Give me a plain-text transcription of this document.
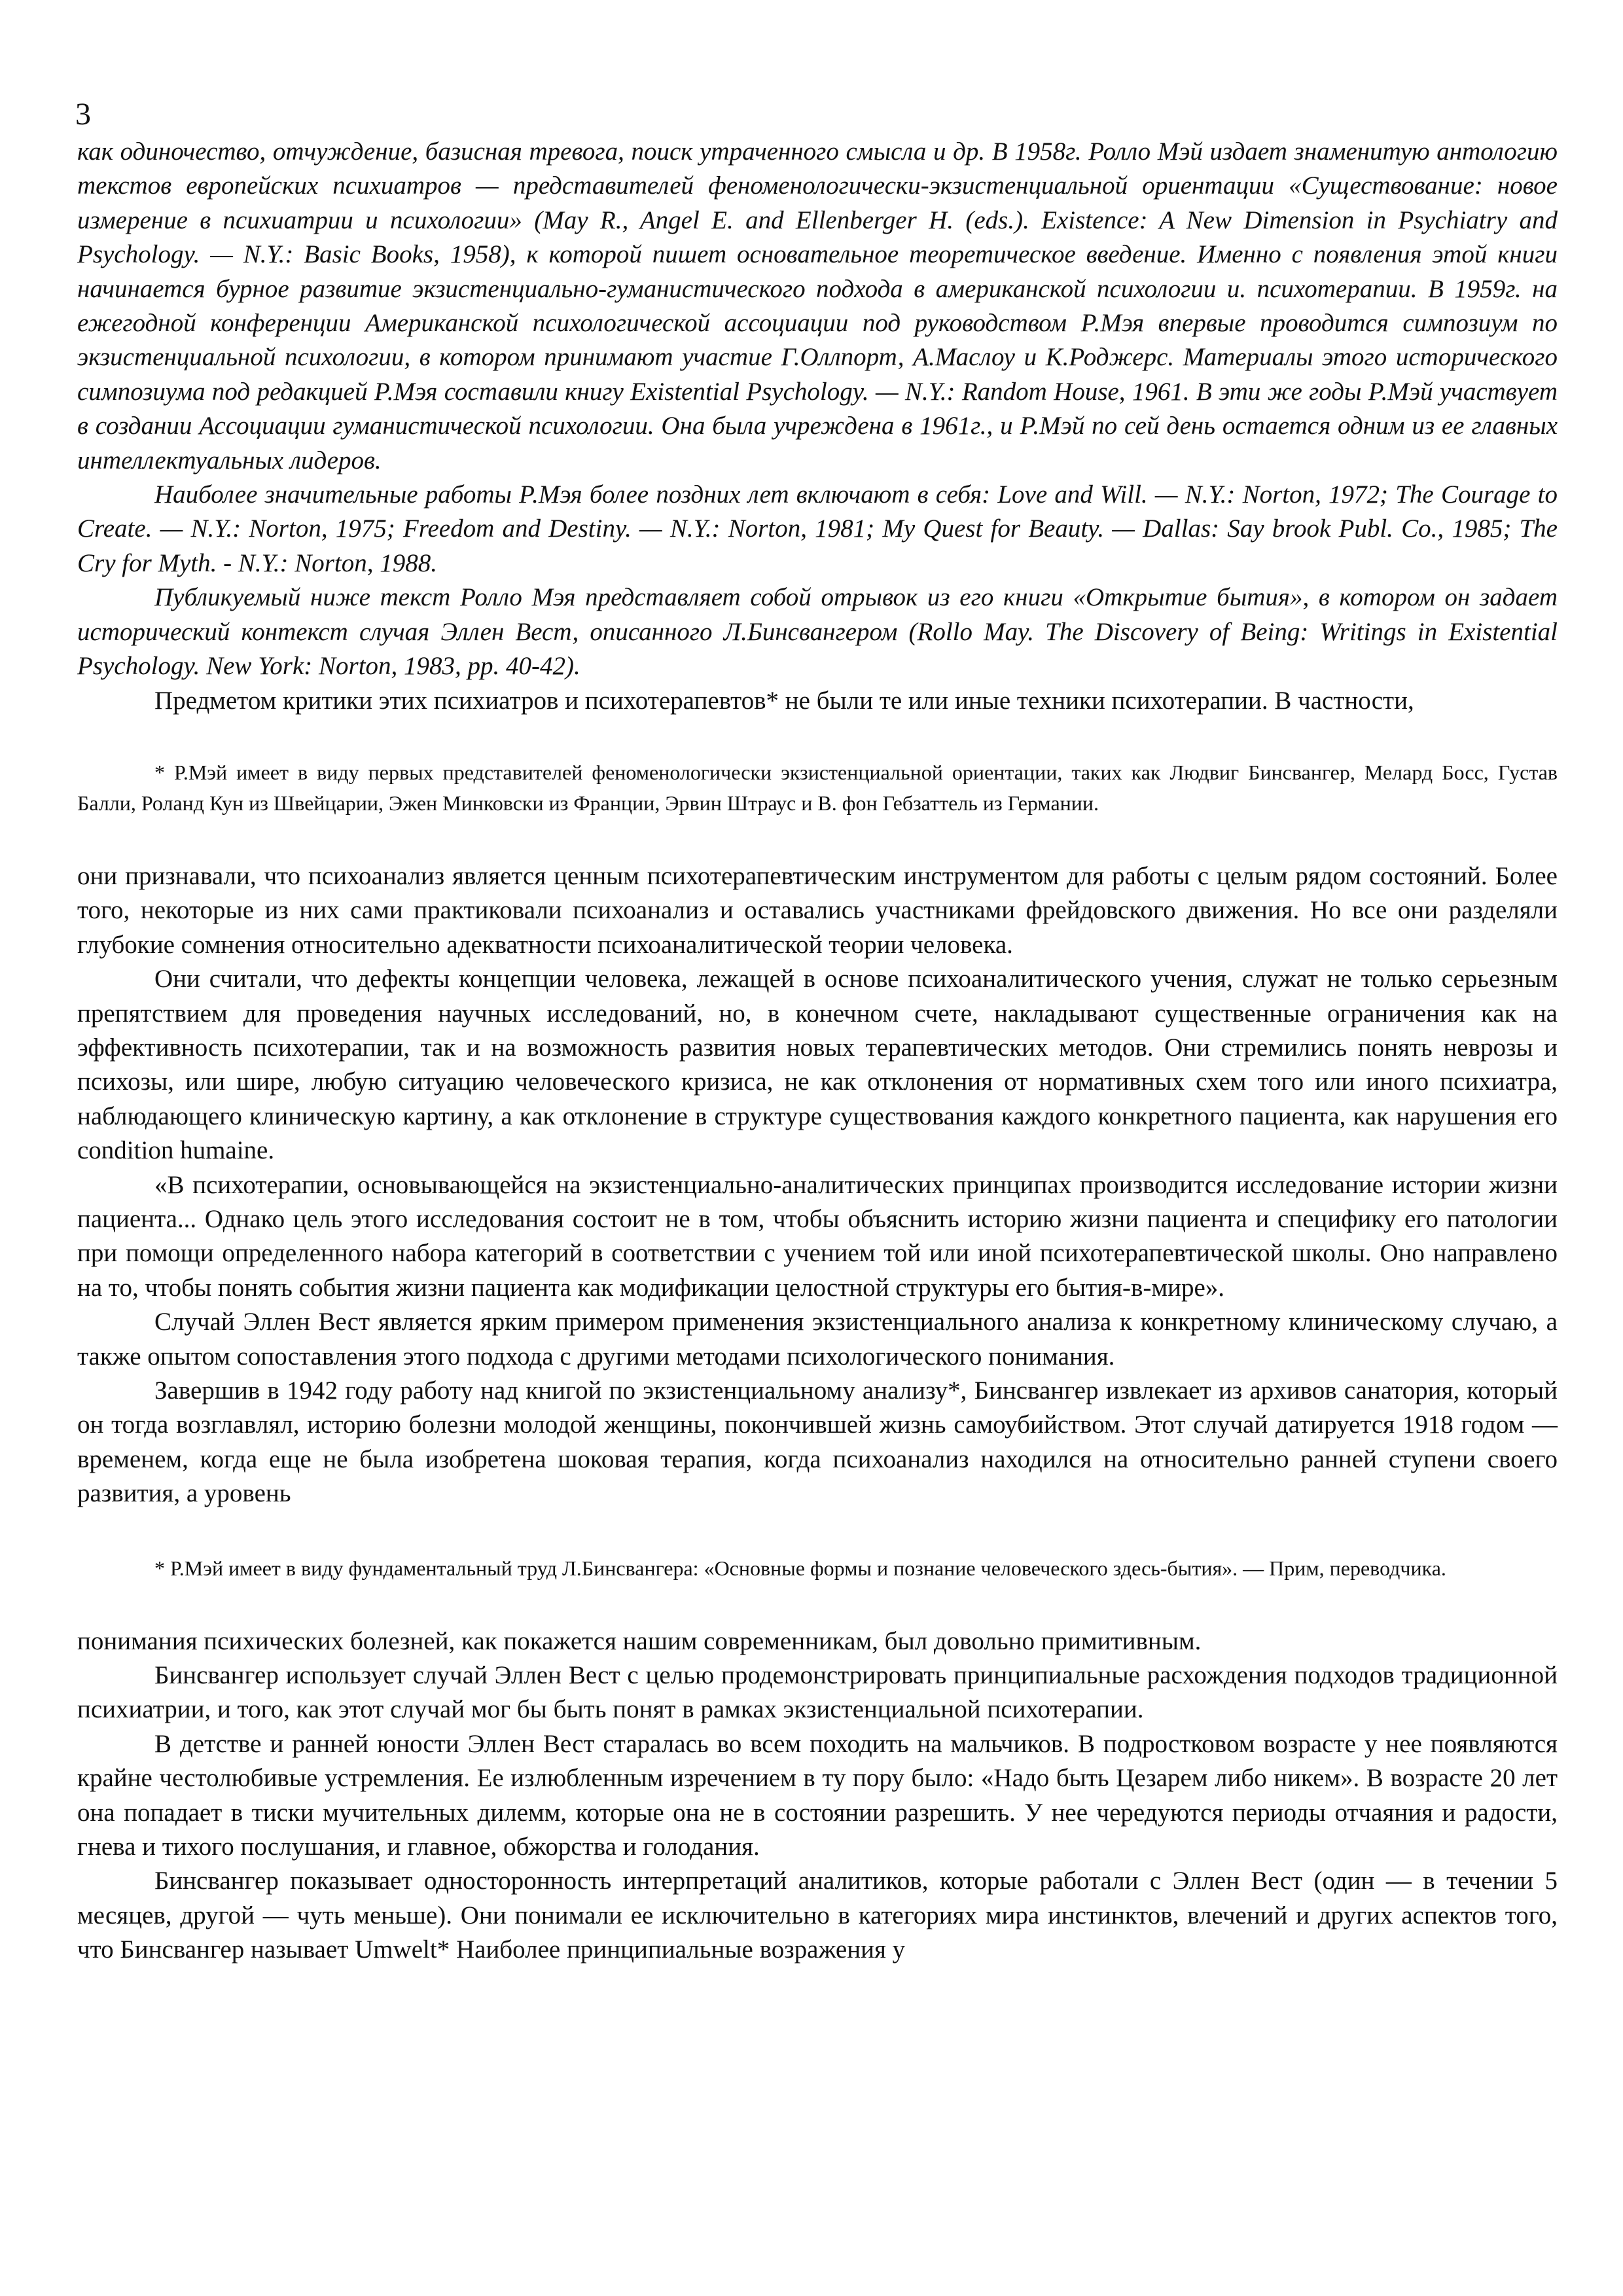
3

как одиночество, отчуждение, базисная тревога, поиск утраченного смысла и др. В 1958г. Ролло Мэй издает знаменитую антологию текстов европейских психиатров — представителей феноменологически-экзистенциальной ориентации «Существование: новое измерение в психиатрии и психологии» (May R., Angel E. and Ellenberger H. (eds.). Existence: A New Dimension in Psychiatry and Psychology. — N.Y.: Basic Books, 1958), к которой пишет основательное теоретическое введение. Именно с появления этой книги начинается бурное развитие экзистенциально-гуманистического подхода в американской психологии и. психотерапии. В 1959г. на ежегодной конференции Американской психологической ассоциации под руководством Р.Мэя впервые проводится симпозиум по экзистенциальной психологии, в котором принимают участие Г.Оллпорт, А.Маслоу и К.Роджерс. Материалы этого исторического симпозиума под редакцией Р.Мэя составили книгу Existential Psychology. — N.Y.: Random House, 1961. В эти же годы Р.Мэй участвует в создании Ассоциации гуманистической психологии. Она была учреждена в 1961г., и Р.Мэй по сей день остается одним из ее главных интеллектуальных лидеров.

Наиболее значительные работы Р.Мэя более поздних лет включают в себя: Love and Will. — N.Y.: Norton, 1972; The Courage to Create. — N.Y.: Norton, 1975; Freedom and Destiny. — N.Y.: Norton, 1981; My Quest for Beauty. — Dallas: Say brook Publ. Co., 1985; The Cry for Myth. - N.Y.: Norton, 1988.

Публикуемый ниже текст Ролло Мэя представляет собой отрывок из его книги «Открытие бытия», в котором он задает исторический контекст случая Эллен Вест, описанного Л.Бинсвангером (Rollo May. The Discovery of Being: Writings in Existential Psychology. New York: Norton, 1983, pp. 40-42).

Предметом критики этих психиатров и психотерапевтов* не были те или иные техники психотерапии. В частности,

* Р.Мэй имеет в виду первых представителей феноменологически экзистенциальной ориентации, таких как Людвиг Бинсвангер, Мелард Босс, Густав Балли, Роланд Кун из Швейцарии, Эжен Минковски из Франции, Эрвин Штраус и В. фон Гебзаттель из Германии.

они признавали, что психоанализ является ценным психотерапевтическим инструментом для работы с целым рядом состояний. Более того, некоторые из них сами практиковали психоанализ и оставались участниками фрейдовского движения. Но все они разделяли глубокие сомнения относительно адекватности психоаналитической теории человека.

Они считали, что дефекты концепции человека, лежащей в основе психоаналитического учения, служат не только серьезным препятствием для проведения научных исследований, но, в конечном счете, накладывают существенные ограничения как на эффективность психотерапии, так и на возможность развития новых терапевтических методов. Они стремились понять неврозы и психозы, или шире, любую ситуацию человеческого кризиса, не как отклонения от нормативных схем того или иного психиатра, наблюдающего клиническую картину, а как отклонение в структуре существования каждого конкретного пациента, как нарушения его condition humaine.

«В психотерапии, основывающейся на экзистенциально-аналитических принципах производится исследование истории жизни пациента... Однако цель этого исследования состоит не в том, чтобы объяснить историю жизни пациента и специфику его патологии при помощи определенного набора категорий в соответствии с учением той или иной психотерапевтической школы. Оно направлено на то, чтобы понять события жизни пациента как модификации целостной структуры его бытия-в-мире».

Случай Эллен Вест является ярким примером применения экзистенциального анализа к конкретному клиническому случаю, а также опытом сопоставления этого подхода с другими методами психологического понимания.

Завершив в 1942 году работу над книгой по экзистенциальному анализу*, Бинсвангер извлекает из архивов санатория, который он тогда возглавлял, историю болезни молодой женщины, покончившей жизнь самоубийством. Этот случай датируется 1918 годом — временем, когда еще не была изобретена шоковая терапия, когда психоанализ находился на относительно ранней ступени своего развития, а уровень

* Р.Мэй имеет в виду фундаментальный труд Л.Бинсвангера: «Основные формы и познание человеческого здесь-бытия». — Прим, переводчика.

понимания психических болезней, как покажется нашим современникам, был довольно примитивным.

Бинсвангер использует случай Эллен Вест с целью продемонстрировать принципиальные расхождения подходов традиционной психиатрии, и того, как этот случай мог бы быть понят в рамках экзистенциальной психотерапии.

В детстве и ранней юности Эллен Вест старалась во всем походить на мальчиков. В подростковом возрасте у нее появляются крайне честолюбивые устремления. Ее излюбленным изречением в ту пору было: «Надо быть Цезарем либо никем». В возрасте 20 лет она попадает в тиски мучительных дилемм, которые она не в состоянии разрешить. У нее чередуются периоды отчаяния и радости, гнева и тихого послушания, и главное, обжорства и голодания.

Бинсвангер показывает односторонность интерпретаций аналитиков, которые работали с Эллен Вест (один — в течении 5 месяцев, другой — чуть меньше). Они понимали ее исключительно в категориях мира инстинктов, влечений и других аспектов того, что Бинсвангер называет Umwelt* Наиболее принципиальные возражения у
